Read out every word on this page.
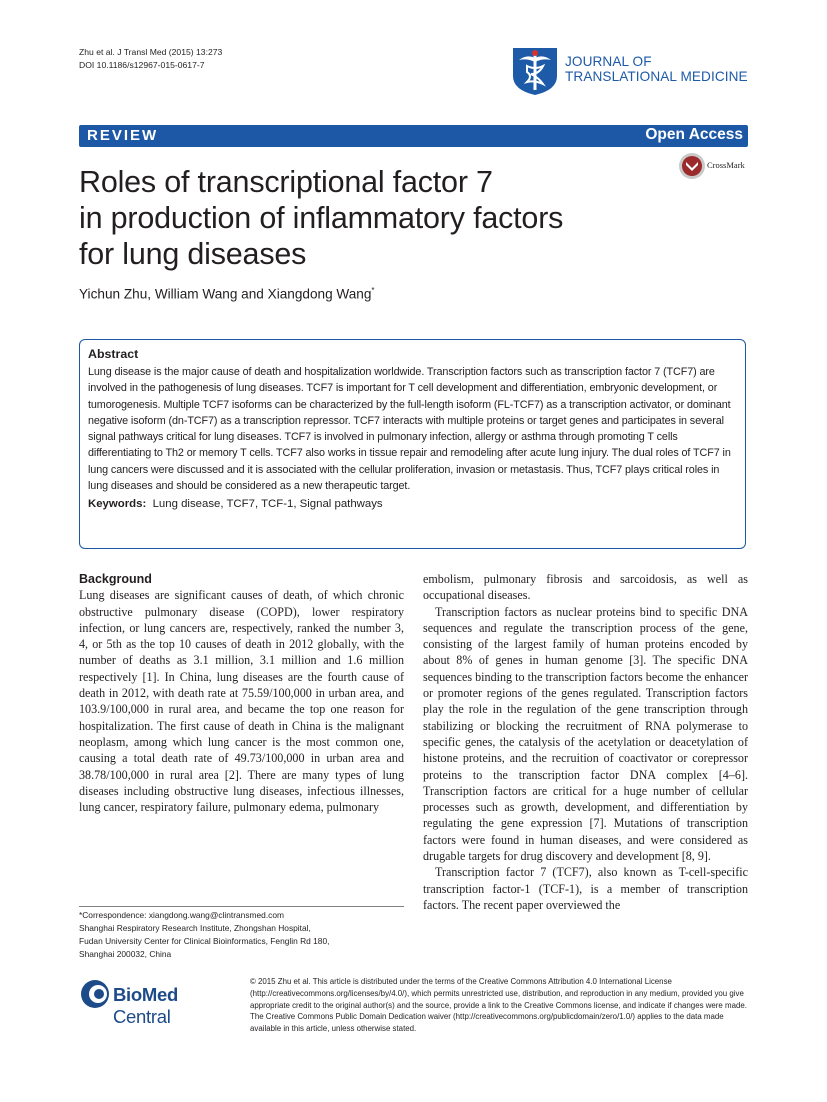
Zhu et al. J Transl Med (2015) 13:273
DOI 10.1186/s12967-015-0617-7	JOURNAL OF
TRANSLATIONAL MEDICINE
REVIEW	Open Access
CrossMark
Roles of transcriptional factor 7
in production of inflammatory factors
for lung diseases
Yichun Zhu, William Wang and Xiangdong Wang*
Abstract

Lung disease is the major cause of death and hospitalization worldwide. Transcription factors such as transcription factor 7 (TCF7) are involved in the pathogenesis of lung diseases. TCF7 is important for T cell development and differentiation, embryonic development, or tumorogenesis. Multiple TCF7 isoforms can be characterized by the full-length isoform (FL-TCF7) as a transcription activator, or dominant negative isoform (dn-TCF7) as a transcription repressor. TCF7 interacts with multiple proteins or target genes and participates in several signal pathways critical for lung diseases. TCF7 is involved in pulmonary infection, allergy or asthma through promoting T cells differentiating to Th2 or memory T cells. TCF7 also works in tissue repair and remodeling after acute lung injury. The dual roles of TCF7 in lung cancers were discussed and it is associated with the cellular proliferation, invasion or metastasis. Thus, TCF7 plays critical roles in lung diseases and should be considered as a new therapeutic target.

Keywords: Lung disease, TCF7, TCF-1, Signal pathways

Background

Lung diseases are significant causes of death, of which chronic obstructive pulmonary disease (COPD), lower respiratory infection, or lung cancers are, respectively, ranked the number 3, 4, or 5th as the top 10 causes of death in 2012 globally, with the number of deaths as 3.1 million, 3.1 million and 1.6 million respectively [1]. In China, lung diseases are the fourth cause of death in 2012, with death rate at 75.59/100,000 in urban area, and 103.9/100,000 in rural area, and became the top one reason for hospitalization. The first cause of death in China is the malignant neoplasm, among which lung cancer is the most common one, causing a total death rate of 49.73/100,000 in urban area and 38.78/100,000 in rural area [2]. There are many types of lung diseases including obstructive lung diseases, infectious illnesses, lung cancer, respiratory failure, pulmonary edema, pulmonary

embolism, pulmonary fibrosis and sarcoidosis, as well as occupational diseases.

Transcription factors as nuclear proteins bind to specific DNA sequences and regulate the transcription process of the gene, consisting of the largest family of human proteins encoded by about 8% of genes in human genome [3]. The specific DNA sequences binding to the transcription factors become the enhancer or promoter regions of the genes regulated. Transcription factors play the role in the regulation of the gene transcription through stabilizing or blocking the recruitment of RNA polymerase to specific genes, the catalysis of the acetylation or deacetylation of histone proteins, and the recruition of coactivator or corepressor proteins to the transcription factor DNA complex [4–6]. Transcription factors are critical for a huge number of cellular processes such as growth, development, and differentiation by regulating the gene expression [7]. Mutations of transcription factors were found in human diseases, and were considered as drugable targets for drug discovery and development [8, 9].

Transcription factor 7 (TCF7), also known as T-cell-specific transcription factor-1 (TCF-1), is a member of transcription factors. The recent paper overviewed the

*Correspondence: xiangdong.wang@clintransmed.com
Shanghai Respiratory Research Institute, Zhongshan Hospital,
Fudan University Center for Clinical Bioinformatics, Fenglin Rd 180,
Shanghai 200032, China
BioMed Central
© 2015 Zhu et al. This article is distributed under the terms of the Creative Commons Attribution 4.0 International License (http://creativecommons.org/licenses/by/4.0/), which permits unrestricted use, distribution, and reproduction in any medium, provided you give appropriate credit to the original author(s) and the source, provide a link to the Creative Commons license, and indicate if changes were made. The Creative Commons Public Domain Dedication waiver (http://creativecommons.org/publicdomain/zero/1.0/) applies to the data made available in this article, unless otherwise stated.
